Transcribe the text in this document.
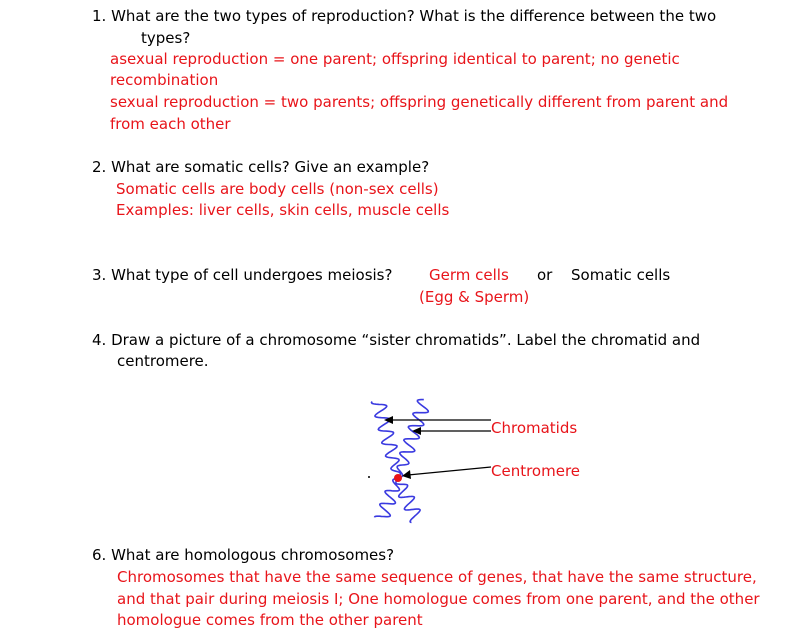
1. What are the two types of reproduction? What is the difference between the two
types?
asexual reproduction = one parent; offspring identical to parent; no genetic
recombination
sexual reproduction = two parents; offspring genetically different from parent and
from each other
2. What are somatic cells? Give an example?
Somatic cells are body cells (non-sex cells)
Examples: liver cells, skin cells, muscle cells
3. What type of cell undergoes meiosis? Germ cells
(Egg & Sperm)
or Somatic cells
4. Draw a picture of a chromosome “sister chromatids”. Label the chromatid and
centromere.
Chromatids
Centromere
6. What are homologous chromosomes?
Chromosomes that have the same sequence of genes, that have the same structure,
and that pair during meiosis I; One homologue comes from one parent, and the other
homologue comes from the other parent
